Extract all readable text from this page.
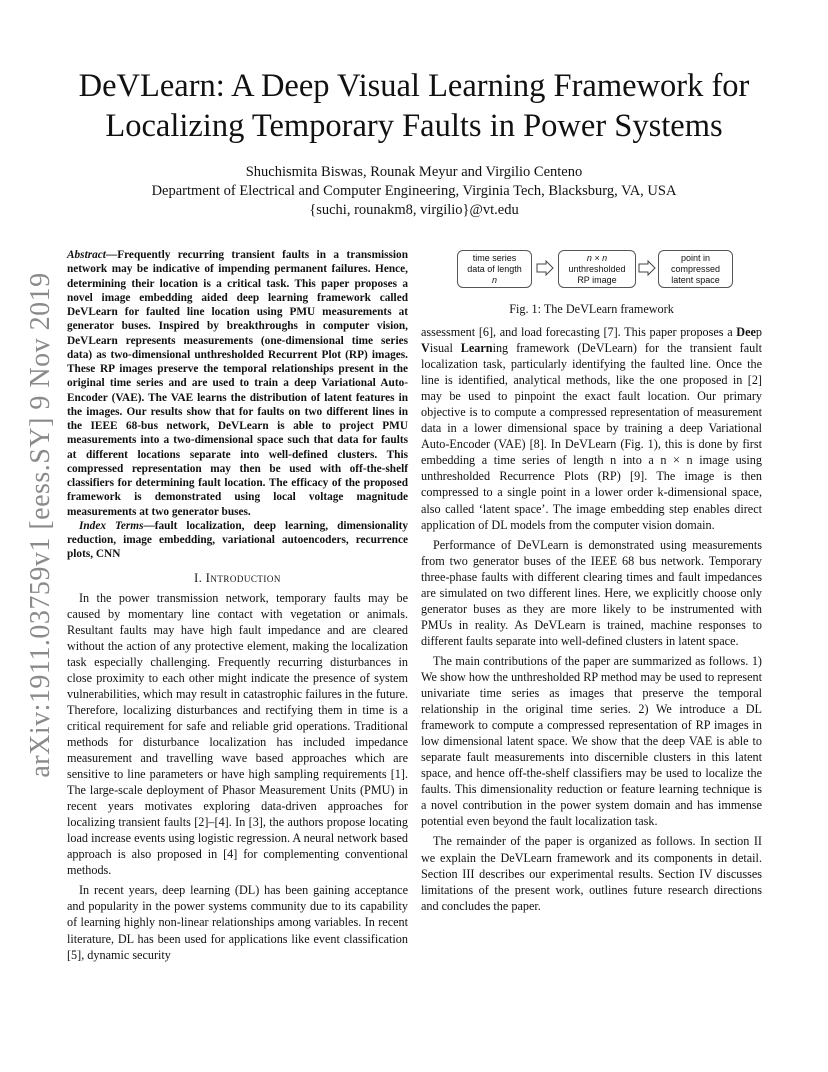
arXiv:1911.03759v1 [eess.SY] 9 Nov 2019
DeVLearn: A Deep Visual Learning Framework for Localizing Temporary Faults in Power Systems
Shuchismita Biswas, Rounak Meyur and Virgilio Centeno
Department of Electrical and Computer Engineering, Virginia Tech, Blacksburg, VA, USA
{suchi, rounakm8, virgilio}@vt.edu

Abstract—Frequently recurring transient faults in a transmission network may be indicative of impending permanent failures. Hence, determining their location is a critical task. This paper proposes a novel image embedding aided deep learning framework called DeVLearn for faulted line location using PMU measurements at generator buses. Inspired by breakthroughs in computer vision, DeVLearn represents measurements (one-dimensional time series data) as two-dimensional unthresholded Recurrent Plot (RP) images. These RP images preserve the temporal relationships present in the original time series and are used to train a deep Variational Auto-Encoder (VAE). The VAE learns the distribution of latent features in the images. Our results show that for faults on two different lines in the IEEE 68-bus network, DeVLearn is able to project PMU measurements into a two-dimensional space such that data for faults at different locations separate into well-defined clusters. This compressed representation may then be used with off-the-shelf classifiers for determining fault location. The efficacy of the proposed framework is demonstrated using local voltage magnitude measurements at two generator buses.

Index Terms—fault localization, deep learning, dimensionality reduction, image embedding, variational autoencoders, recurrence plots, CNN

I. Introduction

In the power transmission network, temporary faults may be caused by momentary line contact with vegetation or animals. Resultant faults may have high fault impedance and are cleared without the action of any protective element, making the localization task especially challenging. Frequently recurring disturbances in close proximity to each other might indicate the presence of system vulnerabilities, which may result in catastrophic failures in the future. Therefore, localizing disturbances and rectifying them in time is a critical requirement for safe and reliable grid operations. Traditional methods for disturbance localization has included impedance measurement and travelling wave based approaches which are sensitive to line parameters or have high sampling requirements [1]. The large-scale deployment of Phasor Measurement Units (PMU) in recent years motivates exploring data-driven approaches for localizing transient faults [2]–[4]. In [3], the authors propose locating load increase events using logistic regression. A neural network based approach is also proposed in [4] for complementing conventional methods.

In recent years, deep learning (DL) has been gaining acceptance and popularity in the power systems community due to its capability of learning highly non-linear relationships among variables. In recent literature, DL has been used for applications like event classification [5], dynamic security

time series
data of length
n
n × n
unthresholded
RP image
point in
compressed
latent space
Fig. 1: The DeVLearn framework

assessment [6], and load forecasting [7]. This paper proposes a Deep Visual Learning framework (DeVLearn) for the transient fault localization task, particularly identifying the faulted line. Once the line is identified, analytical methods, like the one proposed in [2] may be used to pinpoint the exact fault location. Our primary objective is to compute a compressed representation of measurement data in a lower dimensional space by training a deep Variational Auto-Encoder (VAE) [8]. In DeVLearn (Fig. 1), this is done by first embedding a time series of length n into a n × n image using unthresholded Recurrence Plots (RP) [9]. The image is then compressed to a single point in a lower order k-dimensional space, also called ‘latent space’. The image embedding step enables direct application of DL models from the computer vision domain.

Performance of DeVLearn is demonstrated using measurements from two generator buses of the IEEE 68 bus network. Temporary three-phase faults with different clearing times and fault impedances are simulated on two different lines. Here, we explicitly choose only generator buses as they are more likely to be instrumented with PMUs in reality. As DeVLearn is trained, machine responses to different faults separate into well-defined clusters in latent space.

The main contributions of the paper are summarized as follows. 1) We show how the unthresholded RP method may be used to represent univariate time series as images that preserve the temporal relationship in the original time series. 2) We introduce a DL framework to compute a compressed representation of RP images in low dimensional latent space. We show that the deep VAE is able to separate fault measurements into discernible clusters in this latent space, and hence off-the-shelf classifiers may be used to localize the faults. This dimensionality reduction or feature learning technique is a novel contribution in the power system domain and has immense potential even beyond the fault localization task.

The remainder of the paper is organized as follows. In section II we explain the DeVLearn framework and its components in detail. Section III describes our experimental results. Section IV discusses limitations of the present work, outlines future research directions and concludes the paper.
